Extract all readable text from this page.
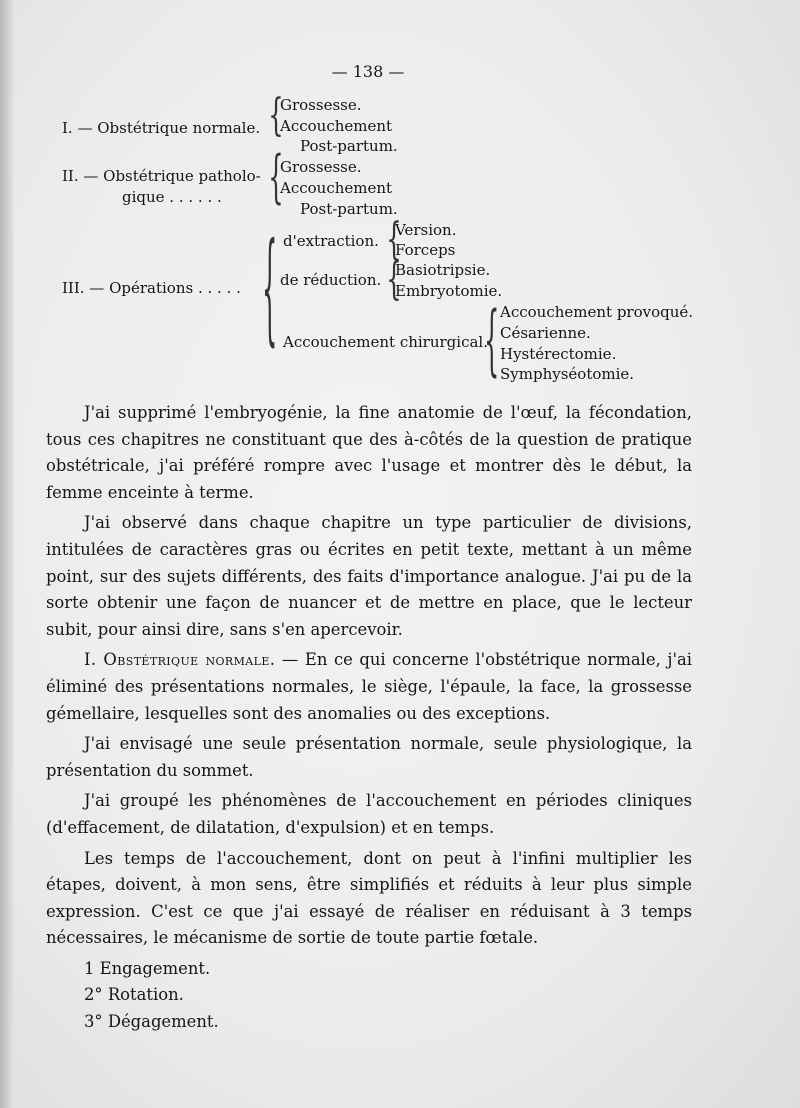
— 138 —
I. — Obstétrique normale. {
Grossesse.
Accouchement
Post-partum.
II. — Obstétrique patholo-
gique . . . . . . {
Grossesse.
Accouchement
Post-partum.
III. — Opérations . . . . . { d'extraction. {
Version.
Forceps
de réduction. {
Basiotripsie.
Embryotomie.
Accouchement chirurgical.
{ Accouchement provoqué.
Césarienne.
Hystérectomie.
Symphyséotomie.

J'ai supprimé l'embryogénie, la fine anatomie de l'œuf, la fécondation, tous ces chapitres ne constituant que des à-côtés de la question de pratique obstétricale, j'ai préféré rompre avec l'usage et montrer dès le début, la femme enceinte à terme.

J'ai observé dans chaque chapitre un type particulier de divisions, intitulées de caractères gras ou écrites en petit texte, mettant à un même point, sur des sujets différents, des faits d'importance analogue. J'ai pu de la sorte obtenir une façon de nuancer et de mettre en place, que le lecteur subit, pour ainsi dire, sans s'en apercevoir.

I. Obstétrique normale. — En ce qui concerne l'obstétrique normale, j'ai éliminé des présentations normales, le siège, l'épaule, la face, la grossesse gémellaire, lesquelles sont des anomalies ou des exceptions.

J'ai envisagé une seule présentation normale, seule physiologique, la présentation du sommet.

J'ai groupé les phénomènes de l'accouchement en périodes cliniques (d'effacement, de dilatation, d'expulsion) et en temps.

Les temps de l'accouchement, dont on peut à l'infini multiplier les étapes, doivent, à mon sens, être simplifiés et réduits à leur plus simple expression. C'est ce que j'ai essayé de réaliser en réduisant à 3 temps nécessaires, le mécanisme de sortie de toute partie fœtale.

1 Engagement.
2° Rotation.
3° Dégagement.
